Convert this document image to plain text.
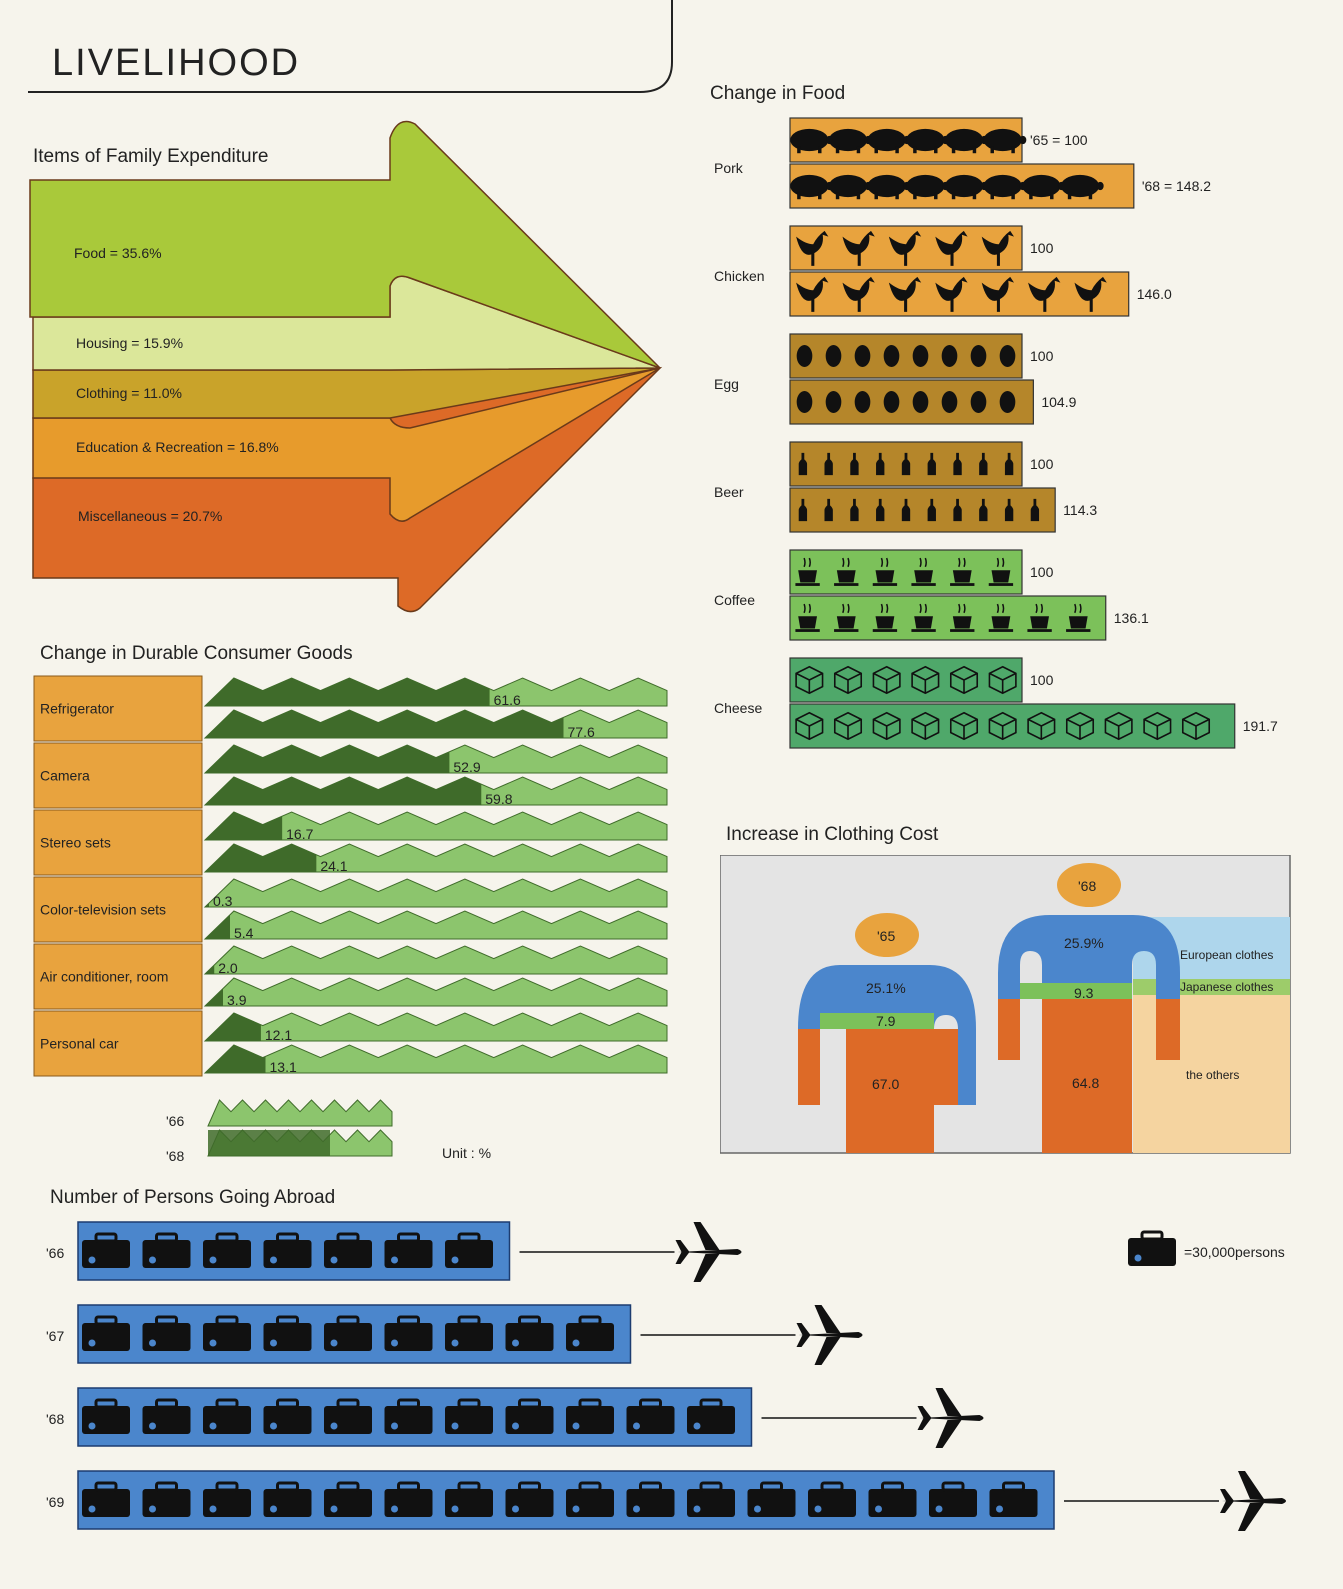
LIVELIHOOD
Items of Family Expenditure
Food = 35.6%
Housing = 15.9%
Clothing = 11.0%
Education & Recreation = 16.8%
Miscellaneous = 20.7%
Change in Durable Consumer Goods
Refrigerator
61.6
77.6
Camera
52.9
59.8
Stereo sets
16.7
24.1
Color-television sets
0.3
5.4
Air conditioner, room
2.0
3.9
Personal car
12.1
13.1
'66
'68	Unit : %
Change in Food
Pork
'65 = 100
'68 = 148.2
Chicken
100
146.0
Egg
100
104.9
Beer
100
114.3
Coffee
100
136.1
Cheese
100
191.7
Increase in Clothing Cost
'65
'68
25.1%
7.9
67.0
25.9%
9.3
64.8
European clothes
Japanese clothes
the others
Number of Persons Going Abroad
'66
'67
'68
'69
=30,000persons
